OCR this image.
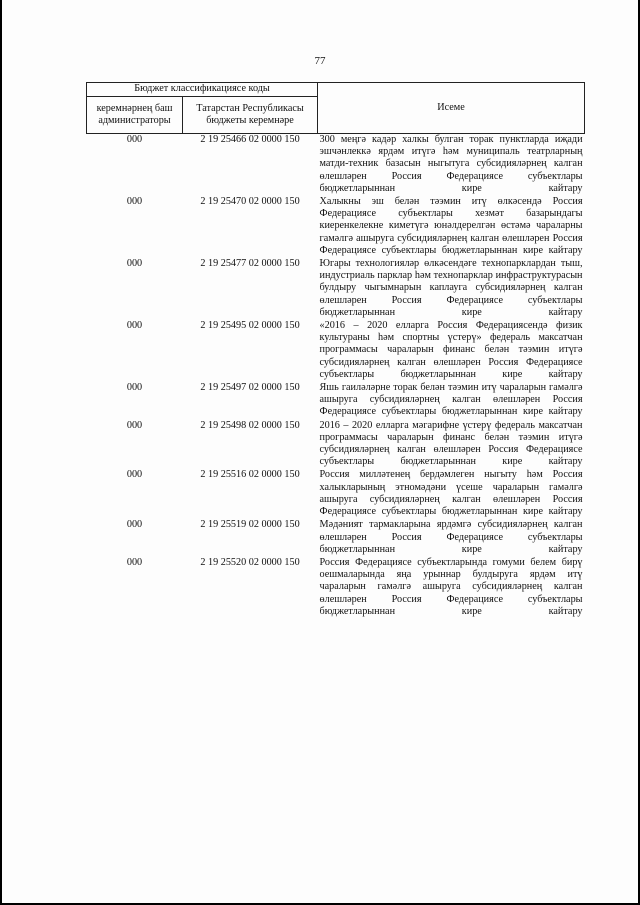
77
Бюджет классификациясе коды		Исеме
керемнәрнең баш администраторы	Татарстан Республикасы бюджеты керемнәре	
000	2 19 25466 02 0000 150	300 меңгә кадәр халкы булган торак пунктларда иҗади эшчәнлеккә ярдәм итүгә һәм муниципаль театрларның матди-техник базасын ныгытуга субсидияләрнең калган өлешләрен Россия Федерациясе субъектлары бюджетларыннан кире кайтару
000	2 19 25470 02 0000 150	Халыкны эш белән тәэмин итү өлкәсендә Россия Федерациясе субъектлары хезмәт базарындагы киеренкелекне киметүгә юнәлдерелгән өстәмә чараларны гамәлгә ашыруга субсидияләрнең калган өлешләрен Россия Федерациясе субъектлары бюджетларыннан кире кайтару
000	2 19 25477 02 0000 150	Югары технологияләр өлкәсендәге технопарклардан тыш, индустриаль парклар һәм технопарклар инфраструктурасын булдыру чыгымнарын каплауга субсидияләрнең калган өлешләрен Россия Федерациясе субъектлары бюджетларыннан кире кайтару
000	2 19 25495 02 0000 150	«2016 – 2020 елларга Россия Федерациясендә физик культураны һәм спортны үстерү» федераль максатчан программасы чараларын финанс белән тәэмин итүгә субсидияләрнең калган өлешләрен Россия Федерациясе субъектлары бюджетларыннан кире кайтару
000	2 19 25497 02 0000 150	Яшь гаиләләрне торак белән тәэмин итү чараларын гамәлгә ашыруга субсидияләрнең калган өлешләрен Россия Федерациясе субъектлары бюджетларыннан кире кайтару
000	2 19 25498 02 0000 150	2016 – 2020 елларга мәгарифне үстерү федераль максатчан программасы чараларын финанс белән тәэмин итүгә субсидияләрнең калган өлешләрен Россия Федерациясе субъектлары бюджетларыннан кире кайтару
000	2 19 25516 02 0000 150	Россия милләтенең бердәмлеген ныгыту һәм Россия халыкларының этномәдәни үсеше чараларын гамәлгә ашыруга субсидияләрнең калган өлешләрен Россия Федерациясе субъектлары бюджетларыннан кире кайтару
000	2 19 25519 02 0000 150	Мәдәният тармакларына ярдәмгә субсидияләрнең калган өлешләрен Россия Федерациясе субъектлары бюджетларыннан кире кайтару
000	2 19 25520 02 0000 150	Россия Федерациясе субъектларында гомуми белем бирү оешмаларында яңа урыннар булдыруга ярдәм итү чараларын гамәлгә ашыруга субсидияләрнең калган өлешләрен Россия Федерациясе субъектлары бюджетларыннан кире кайтару
